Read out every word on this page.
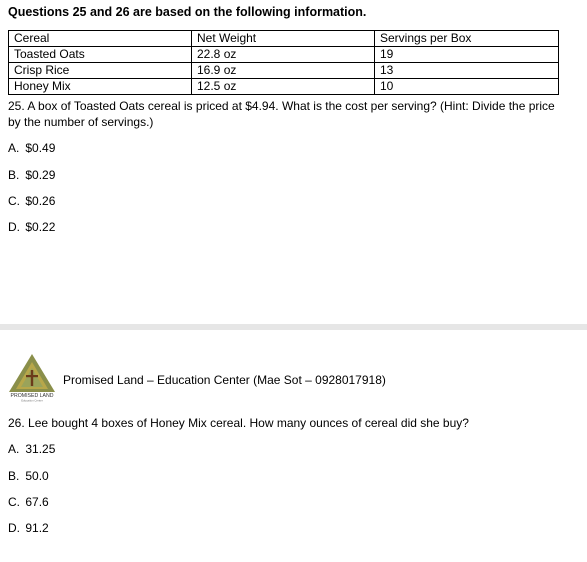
Questions 25 and 26 are based on the following information.
Cereal	Net Weight	Servings per Box
Toasted Oats	22.8 oz	19
Crisp Rice	16.9 oz	13
Honey Mix	12.5 oz	10
25. A box of Toasted Oats cereal is priced at $4.94. What is the cost per serving? (Hint: Divide the price by the number of servings.)
A. $0.49
B. $0.29
C. $0.26
D. $0.22
PROMISED LAND
Education Center
Promised Land – Education Center (Mae Sot – 0928017918)
26. Lee bought 4 boxes of Honey Mix cereal. How many ounces of cereal did she buy?
A. 31.25
B. 50.0
C. 67.6
D. 91.2
